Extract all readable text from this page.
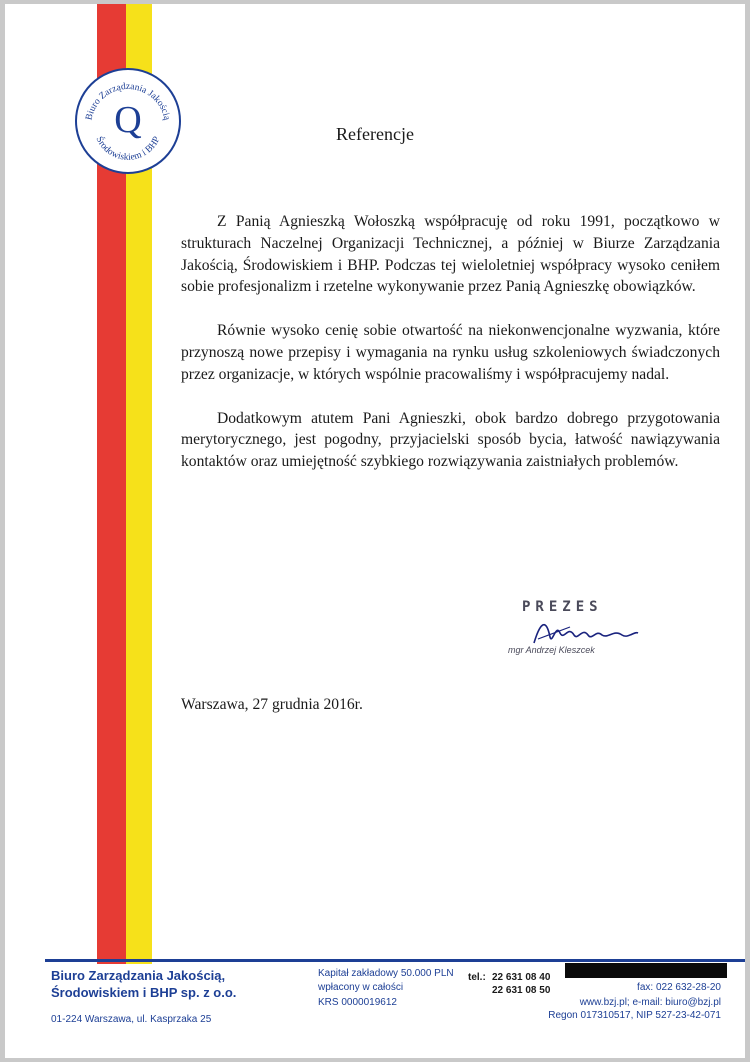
Biuro Zarządzania Jakością
Środowiskiem i BHP
Q	Referencje

Z Panią Agnieszką Wołoszką współpracuję od roku 1991, początkowo w strukturach Naczelnej Organizacji Technicznej, a później w Biurze Zarządzania Jakością, Środowiskiem i BHP. Podczas tej wieloletniej współpracy wysoko ceniłem sobie profesjonalizm i rzetelne wykonywanie przez Panią Agnieszkę obowiązków.

Równie wysoko cenię sobie otwartość na niekonwencjonalne wyzwania, które przynoszą nowe przepisy i wymagania na rynku usług szkoleniowych świadczonych przez organizacje, w których wspólnie pracowaliśmy i współpracujemy nadal.

Dodatkowym atutem Pani Agnieszki, obok bardzo dobrego przygotowania merytorycznego, jest pogodny, przyjacielski sposób bycia, łatwość nawiązywania kontaktów oraz umiejętność szybkiego rozwiązywania zaistniałych problemów.

PREZES
mgr Andrzej Kleszcek
Warszawa, 27 grudnia 2016r.
Biuro Zarządzania Jakością,
Środowiskiem i BHP sp. z o.o.
01-224 Warszawa, ul. Kasprzaka 25
Kapitał zakładowy 50.000 PLN
wpłacony w całości
KRS 0000019612
tel.: 22 631 08 40
22 631 08 50	fax: 022 632-28-20
www.bzj.pl; e-mail: biuro@bzj.pl
Regon 017310517, NIP 527-23-42-071
